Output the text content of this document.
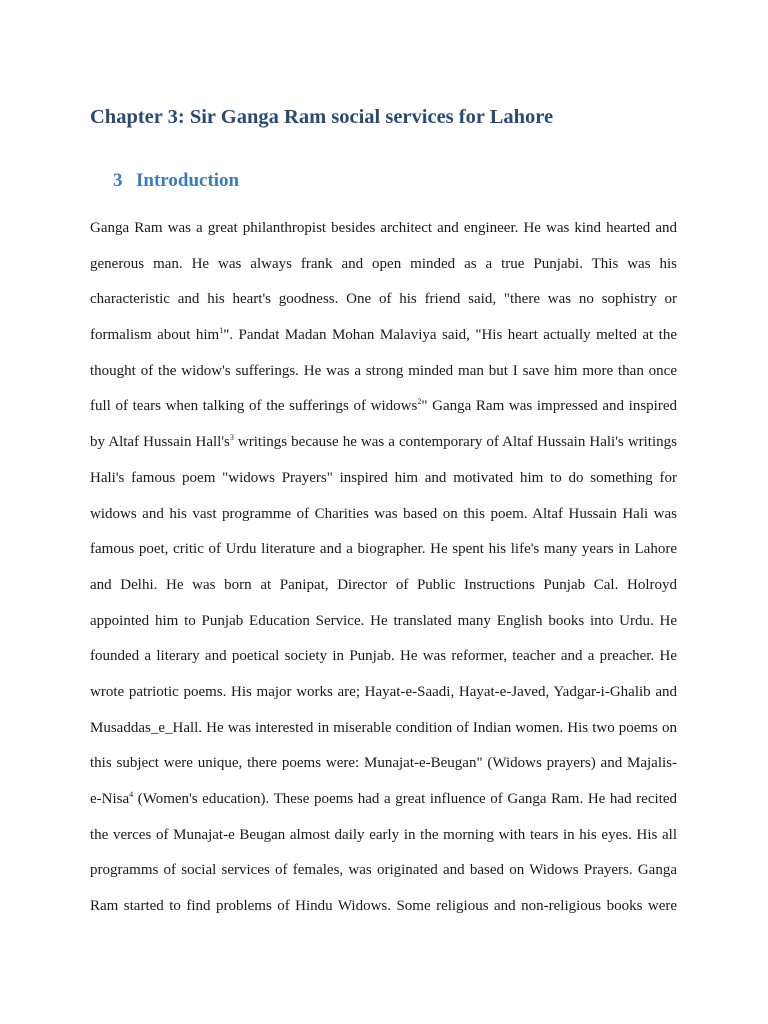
Chapter 3: Sir Ganga Ram social services for Lahore
3 Introduction
Ganga Ram was a great philanthropist besides architect and engineer. He was kind hearted and
generous man. He was always frank and open minded as a true Punjabi. This was his
characteristic and his heart's goodness. One of his friend said, "there was no sophistry or
formalism about him$^1$". Pandat Madan Mohan Malaviya said, "His heart actually melted at the
thought of the widow's sufferings. He was a strong minded man but I save him more than once
full of tears when talking of the sufferings of widows$^2$" Ganga Ram was impressed and inspired
by Altaf Hussain $Hall's^3$ writings because he was a contemporary of Altaf Hussain Hali's writings
Hali's famous poem "widows Prayers" inspired him and motivated him to do something for
widows and his vast programme of Charities was based on this poem. Altaf Hussain Hali was
famous poet, critic of Urdu literature and a biographer. He spent his life's many years in Lahore
and Delhi. He was born at Panipat, Director of Public Instructions Punjab Cal. Holroyd
appointed him to Punjab Education Service. He translated many English books into Urdu. He
founded a literary and poetical society in Punjab. He was reformer, teacher and a preacher. He
wrote patriotic poems. His major works are; Hayat-e-Saadi, Hayat-e-Javed, Yadgar-i-Ghalib and
Musaddas_e_Hall. He was interested in miserable condition of Indian women. His two poems on
this subject were unique, there poems were: Munajat-e-Beugan" (Widows prayers) and Majalis-
e-Nisa$^4$ (Women's education). These poems had a great influence of Ganga Ram. He had recited
the verces of Munajat-e Beugan almost daily early in the morning with tears in his eyes. His all
programms of social services of females, was originated and based on Widows Prayers. Ganga
Ram started to find problems of Hindu Widows. Some religious and non-religious books were
